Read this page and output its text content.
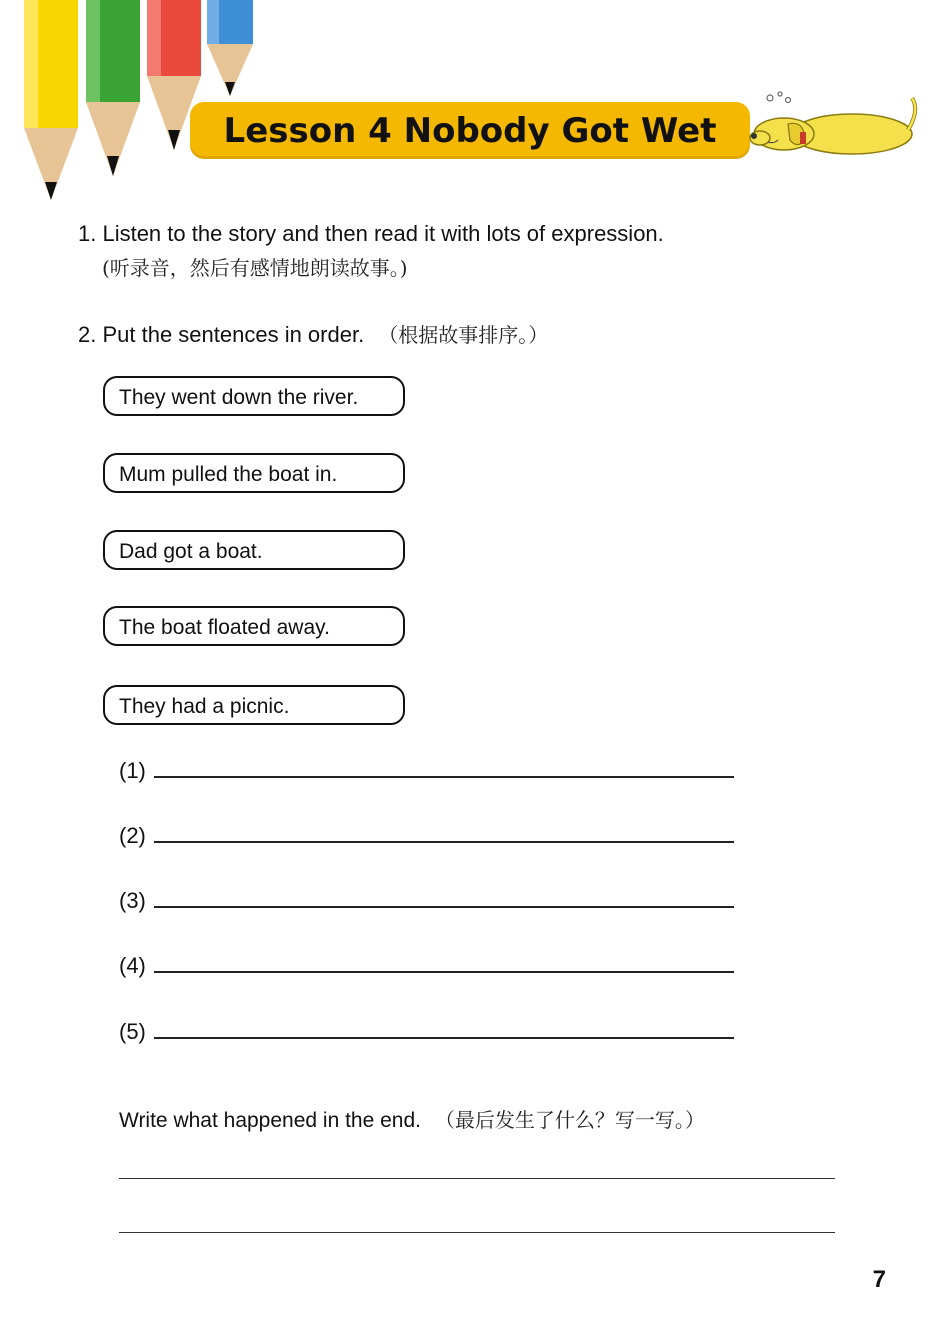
Lesson 4 Nobody Got Wet
1. Listen to the story and then read it with lots of expression.
(听录音，然后有感情地朗读故事。)
2. Put the sentences in order. （根据故事排序。）
They went down the river.
Mum pulled the boat in.
Dad got a boat.
The boat floated away.
They had a picnic.
(1)
(2)
(3)
(4)
(5)
Write what happened in the end. （最后发生了什么？写一写。）
7
